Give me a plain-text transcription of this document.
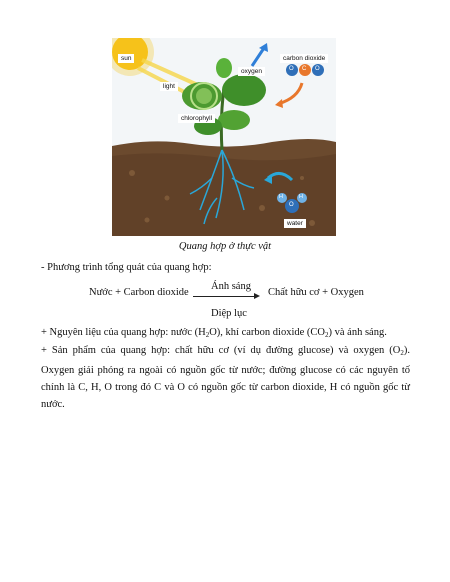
sun
light
oxygen
carbon dioxide
chlorophyll
water
O C O
O
H	H
Quang hợp ở thực vật
- Phương trình tổng quát của quang hợp:
Nước + Carbon dioxide
Ánh sáng
Diệp lục
Chất hữu cơ + Oxygen
+ Nguyên liệu của quang hợp: nước $(H_2O)$, khí carbon dioxide $(CO_2)$ và ánh sáng.
+ Sản phẩm của quang hợp: chất hữu cơ (ví dụ đường glucose) và oxygen $(O_2)$. Oxygen giải phóng ra ngoài có nguồn gốc từ nước; đường glucose có các nguyên tố chính là C, H, O trong đó C và O có nguồn gốc từ carbon dioxide, H có nguồn gốc từ nước.
